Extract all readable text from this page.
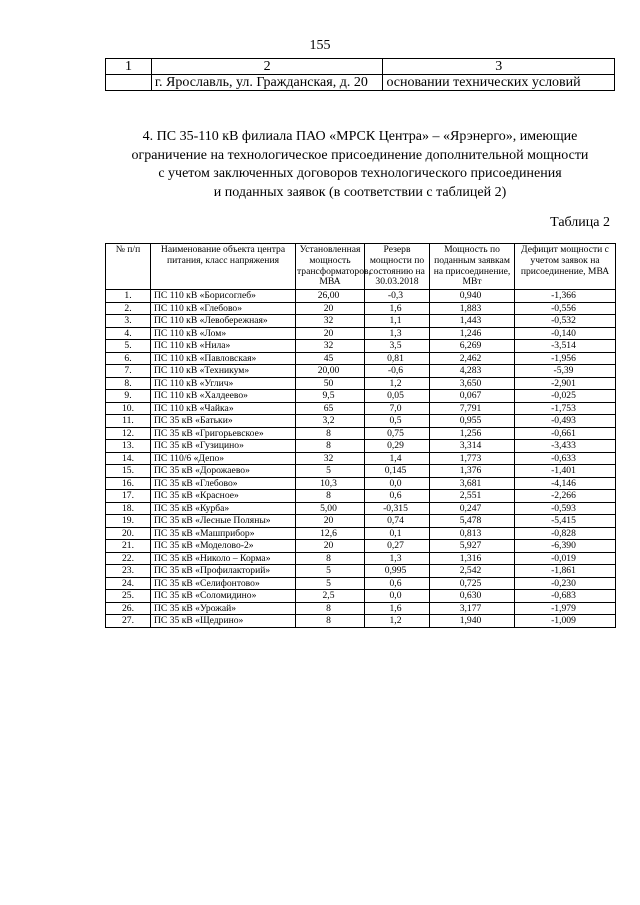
155
1	2	3
	г. Ярославль, ул. Гражданская, д. 20	основании технических условий
4. ПС 35-110 кВ филиала ПАО «МРСК Центра» – «Ярэнерго», имеющие
ограничение на технологическое присоединение дополнительной мощности
с учетом заключенных договоров технологического присоединения
и поданных заявок (в соответствии с таблицей 2)
Таблица 2
№ п/п	Наименование объекта центра питания, класс напряжения	Установленная мощность трансформаторов, МВА	Резерв мощности по состоянию на 30.03.2018	Мощность по поданным заявкам на присоединение, МВт	Дефицит мощности с учетом заявок на присоединение, МВА
1.	ПС 110 кВ «Борисоглеб»	26,00	-0,3	0,940	-1,366
2.	ПС 110 кВ «Глебово»	20	1,6	1,883	-0,556
3.	ПС 110 кВ «Левобережная»	32	1,1	1,443	-0,532
4.	ПС 110 кВ «Лом»	20	1,3	1,246	-0,140
5.	ПС 110 кВ «Нила»	32	3,5	6,269	-3,514
6.	ПС 110 кВ «Павловская»	45	0,81	2,462	-1,956
7.	ПС 110 кВ «Техникум»	20,00	-0,6	4,283	-5,39
8.	ПС 110 кВ «Углич»	50	1,2	3,650	-2,901
9.	ПС 110 кВ «Халдеево»	9,5	0,05	0,067	-0,025
10.	ПС 110 кВ «Чайка»	65	7,0	7,791	-1,753
11.	ПС 35 кВ «Батьки»	3,2	0,5	0,955	-0,493
12.	ПС 35 кВ «Григорьевское»	8	0,75	1,256	-0,661
13.	ПС 35 кВ «Гузицино»	8	0,29	3,314	-3,433
14.	ПС 110/6 «Депо»	32	1,4	1,773	-0,633
15.	ПС 35 кВ «Дорожаево»	5	0,145	1,376	-1,401
16.	ПС 35 кВ «Глебово»	10,3	0,0	3,681	-4,146
17.	ПС 35 кВ «Красное»	8	0,6	2,551	-2,266
18.	ПС 35 кВ «Курба»	5,00	-0,315	0,247	-0,593
19.	ПС 35 кВ «Лесные Поляны»	20	0,74	5,478	-5,415
20.	ПС 35 кВ «Машприбор»	12,6	0,1	0,813	-0,828
21.	ПС 35 кВ «Моделово-2»	20	0,27	5,927	-6,390
22.	ПС 35 кВ «Николо – Корма»	8	1,3	1,316	-0,019
23.	ПС 35 кВ «Профилакторий»	5	0,995	2,542	-1,861
24.	ПС 35 кВ «Селифонтово»	5	0,6	0,725	-0,230
25.	ПС 35 кВ «Соломидино»	2,5	0,0	0,630	-0,683
26.	ПС 35 кВ «Урожай»	8	1,6	3,177	-1,979
27.	ПС 35 кВ «Щедрино»	8	1,2	1,940	-1,009
